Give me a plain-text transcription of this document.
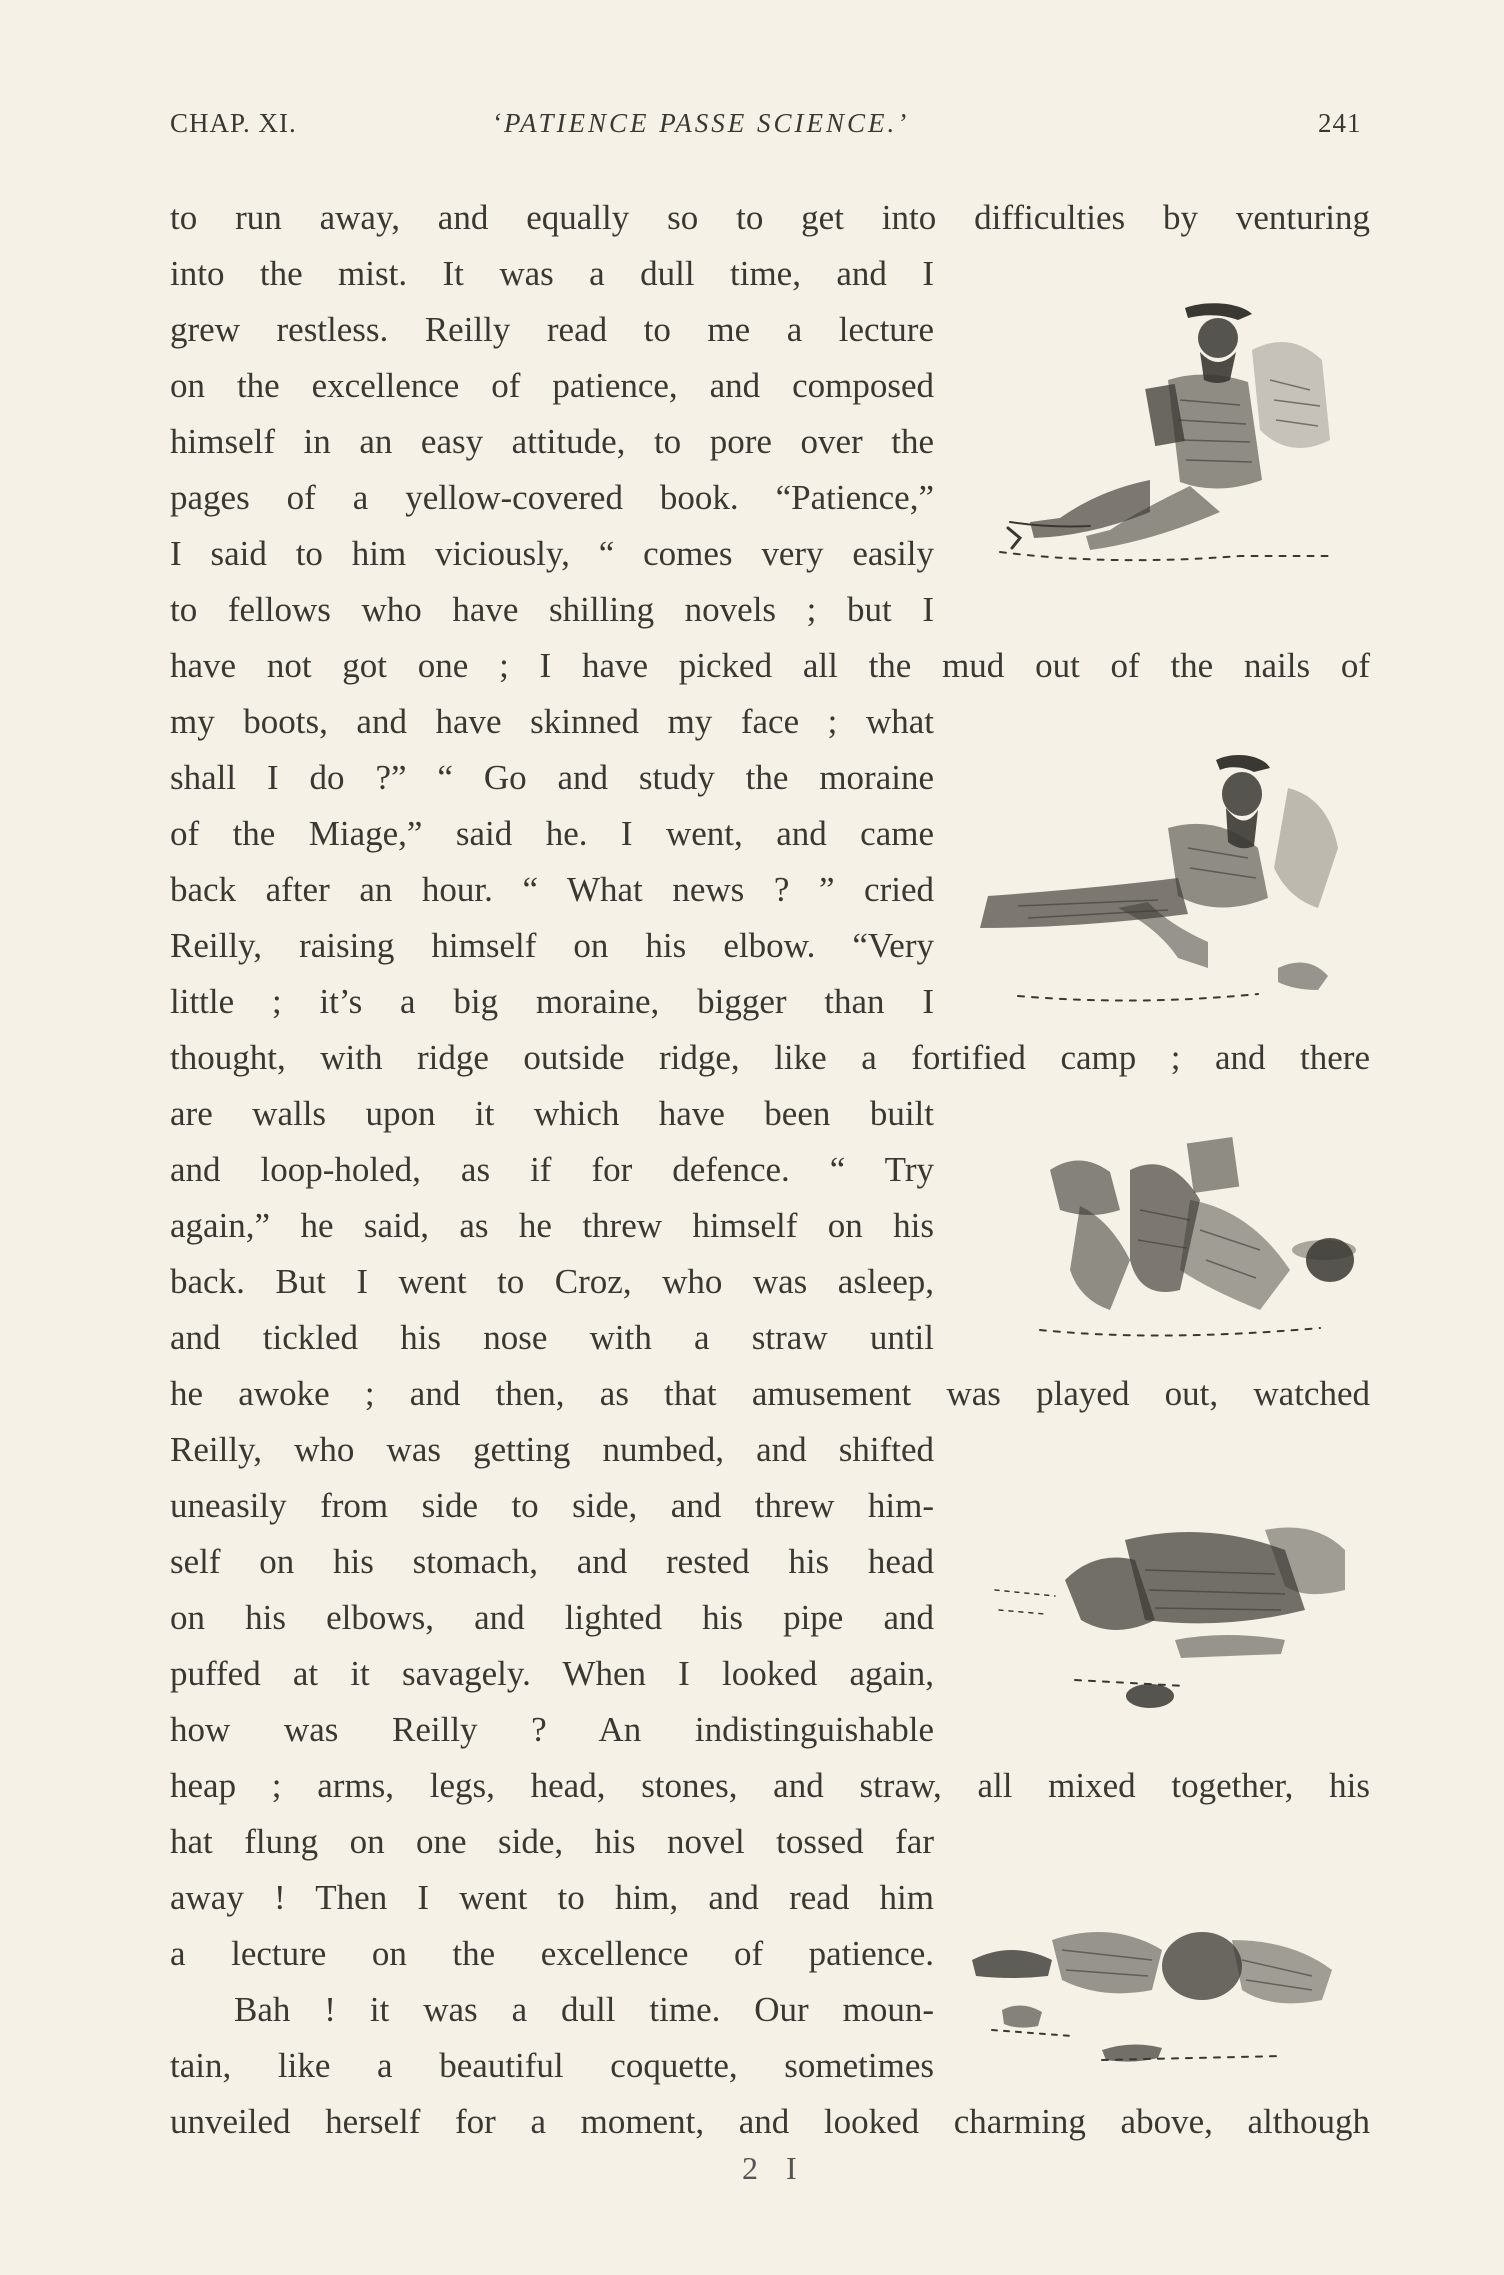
CHAP. XI.	‘PATIENCE PASSE SCIENCE.’	241
to run away, and equally so to get into difficulties by venturing
into the mist. It was a dull time, and I
grew restless. Reilly read to me a lecture
on the excellence of patience, and composed
himself in an easy attitude, to pore over the
pages of a yellow-covered book. “Patience,”
I said to him viciously, “ comes very easily
to fellows who have shilling novels ; but I
have not got one ; I have picked all the mud out of the nails of
my boots, and have skinned my face ; what
shall I do ?” “ Go and study the moraine
of the Miage,” said he. I went, and came
back after an hour. “ What news ? ” cried
Reilly, raising himself on his elbow. “Very
little ; it’s a big moraine, bigger than I
thought, with ridge outside ridge, like a fortified camp ; and there
are walls upon it which have been built
and loop-holed, as if for defence. “ Try
again,” he said, as he threw himself on his
back. But I went to Croz, who was asleep,
and tickled his nose with a straw until
he awoke ; and then, as that amusement was played out, watched
Reilly, who was getting numbed, and shifted
uneasily from side to side, and threw him-
self on his stomach, and rested his head
on his elbows, and lighted his pipe and
puffed at it savagely. When I looked again,
how was Reilly ? An indistinguishable
heap ; arms, legs, head, stones, and straw, all mixed together, his
hat flung on one side, his novel tossed far
away ! Then I went to him, and read him
a lecture on the excellence of patience.
Bah ! it was a dull time. Our moun-
tain, like a beautiful coquette, sometimes
unveiled herself for a moment, and looked charming above, although
2 I
